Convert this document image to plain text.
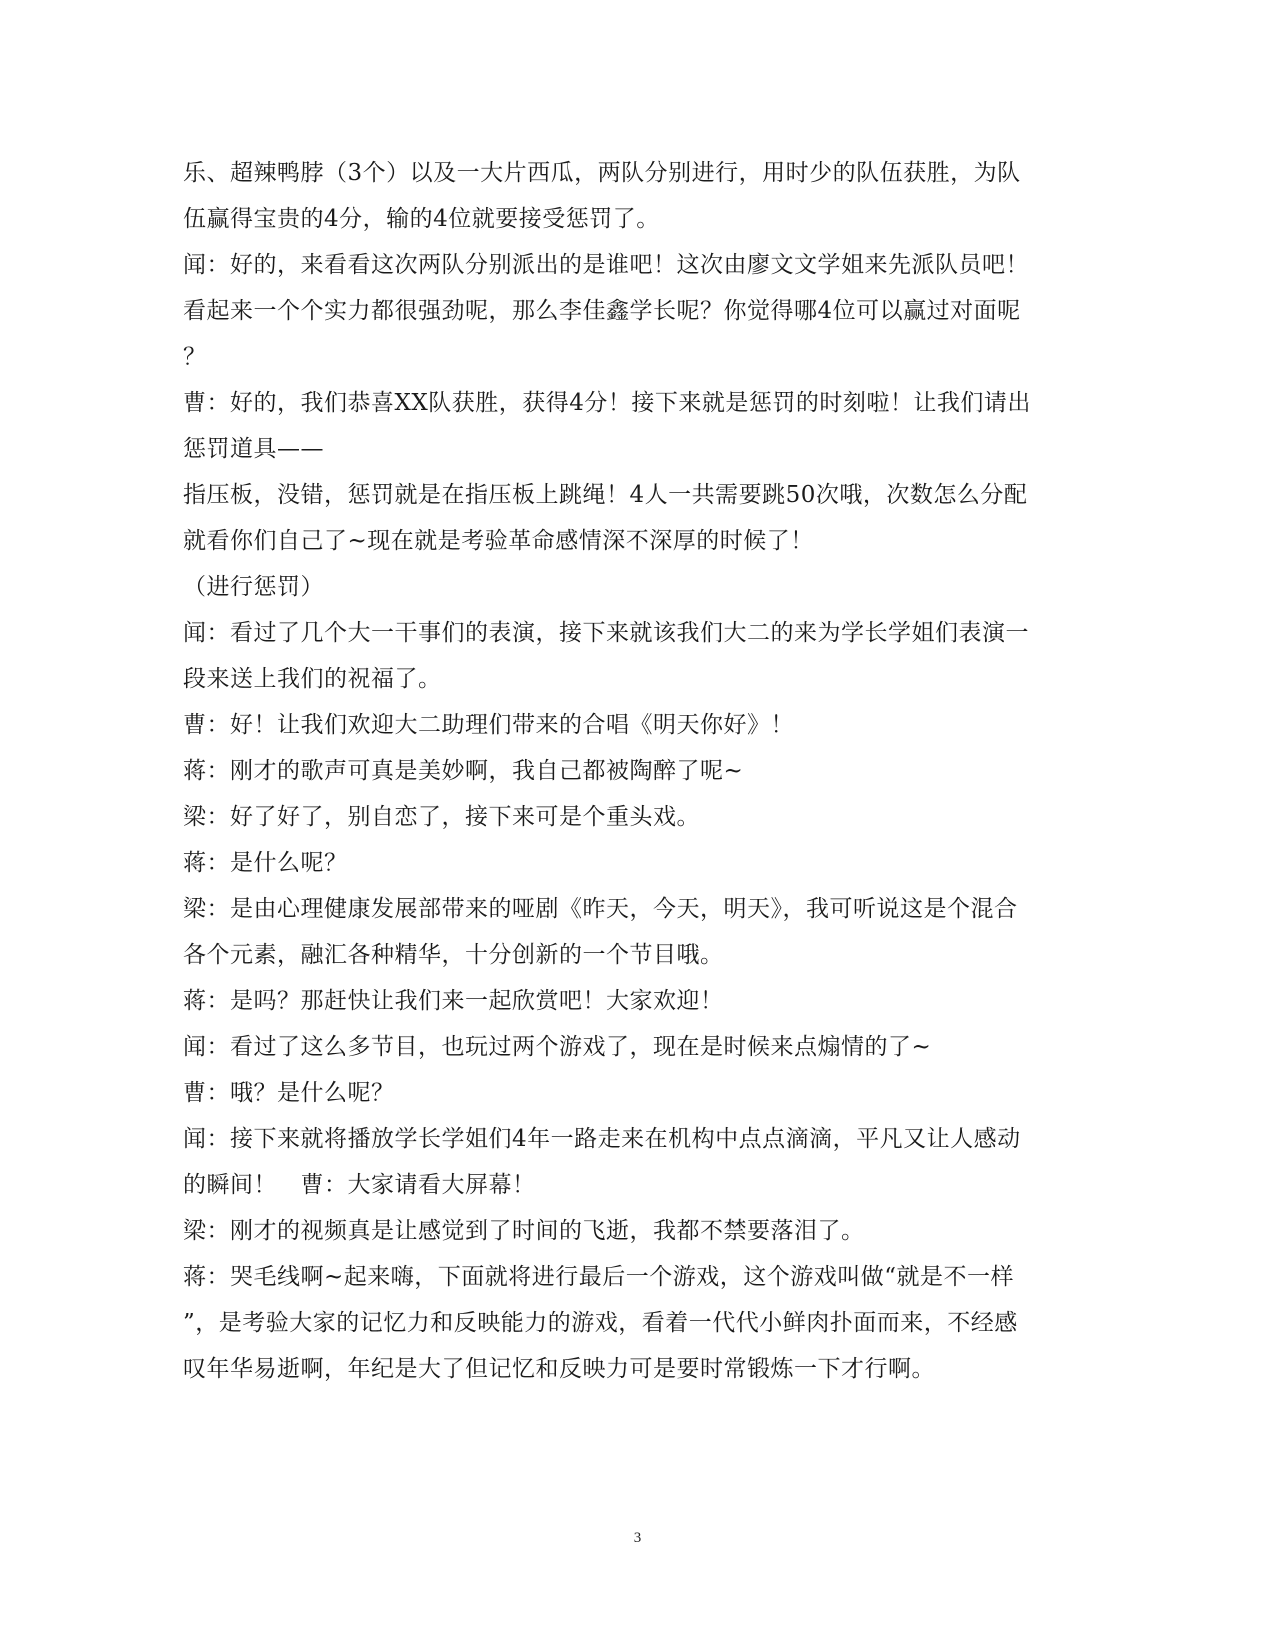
乐、超辣鸭脖（3个）以及一大片西瓜，两队分别进行，用时少的队伍获胜，为队
伍赢得宝贵的4分，输的4位就要接受惩罚了。
闻：好的，来看看这次两队分别派出的是谁吧！这次由廖文文学姐来先派队员吧！
看起来一个个实力都很强劲呢，那么李佳鑫学长呢？你觉得哪4位可以赢过对面呢
？
曹：好的，我们恭喜XX队获胜，获得4分！接下来就是惩罚的时刻啦！让我们请出
惩罚道具——
指压板，没错，惩罚就是在指压板上跳绳！4人一共需要跳50次哦，次数怎么分配
就看你们自己了~现在就是考验革命感情深不深厚的时候了！
（进行惩罚）
闻：看过了几个大一干事们的表演，接下来就该我们大二的来为学长学姐们表演一
段来送上我们的祝福了。
曹：好！让我们欢迎大二助理们带来的合唱《明天你好》！
蒋：刚才的歌声可真是美妙啊，我自己都被陶醉了呢~
梁：好了好了，别自恋了，接下来可是个重头戏。
蒋：是什么呢？
梁：是由心理健康发展部带来的哑剧《昨天，今天，明天》，我可听说这是个混合
各个元素，融汇各种精华，十分创新的一个节目哦。
蒋：是吗？那赶快让我们来一起欣赏吧！大家欢迎！
闻：看过了这么多节目，也玩过两个游戏了，现在是时候来点煽情的了~
曹：哦？是什么呢？
闻：接下来就将播放学长学姐们4年一路走来在机构中点点滴滴，平凡又让人感动
的瞬间！　曹：大家请看大屏幕！
梁：刚才的视频真是让感觉到了时间的飞逝，我都不禁要落泪了。
蒋：哭毛线啊~起来嗨，下面就将进行最后一个游戏，这个游戏叫做“就是不一样
”，是考验大家的记忆力和反映能力的游戏，看着一代代小鲜肉扑面而来，不经感
叹年华易逝啊，年纪是大了但记忆和反映力可是要时常锻炼一下才行啊。
3
